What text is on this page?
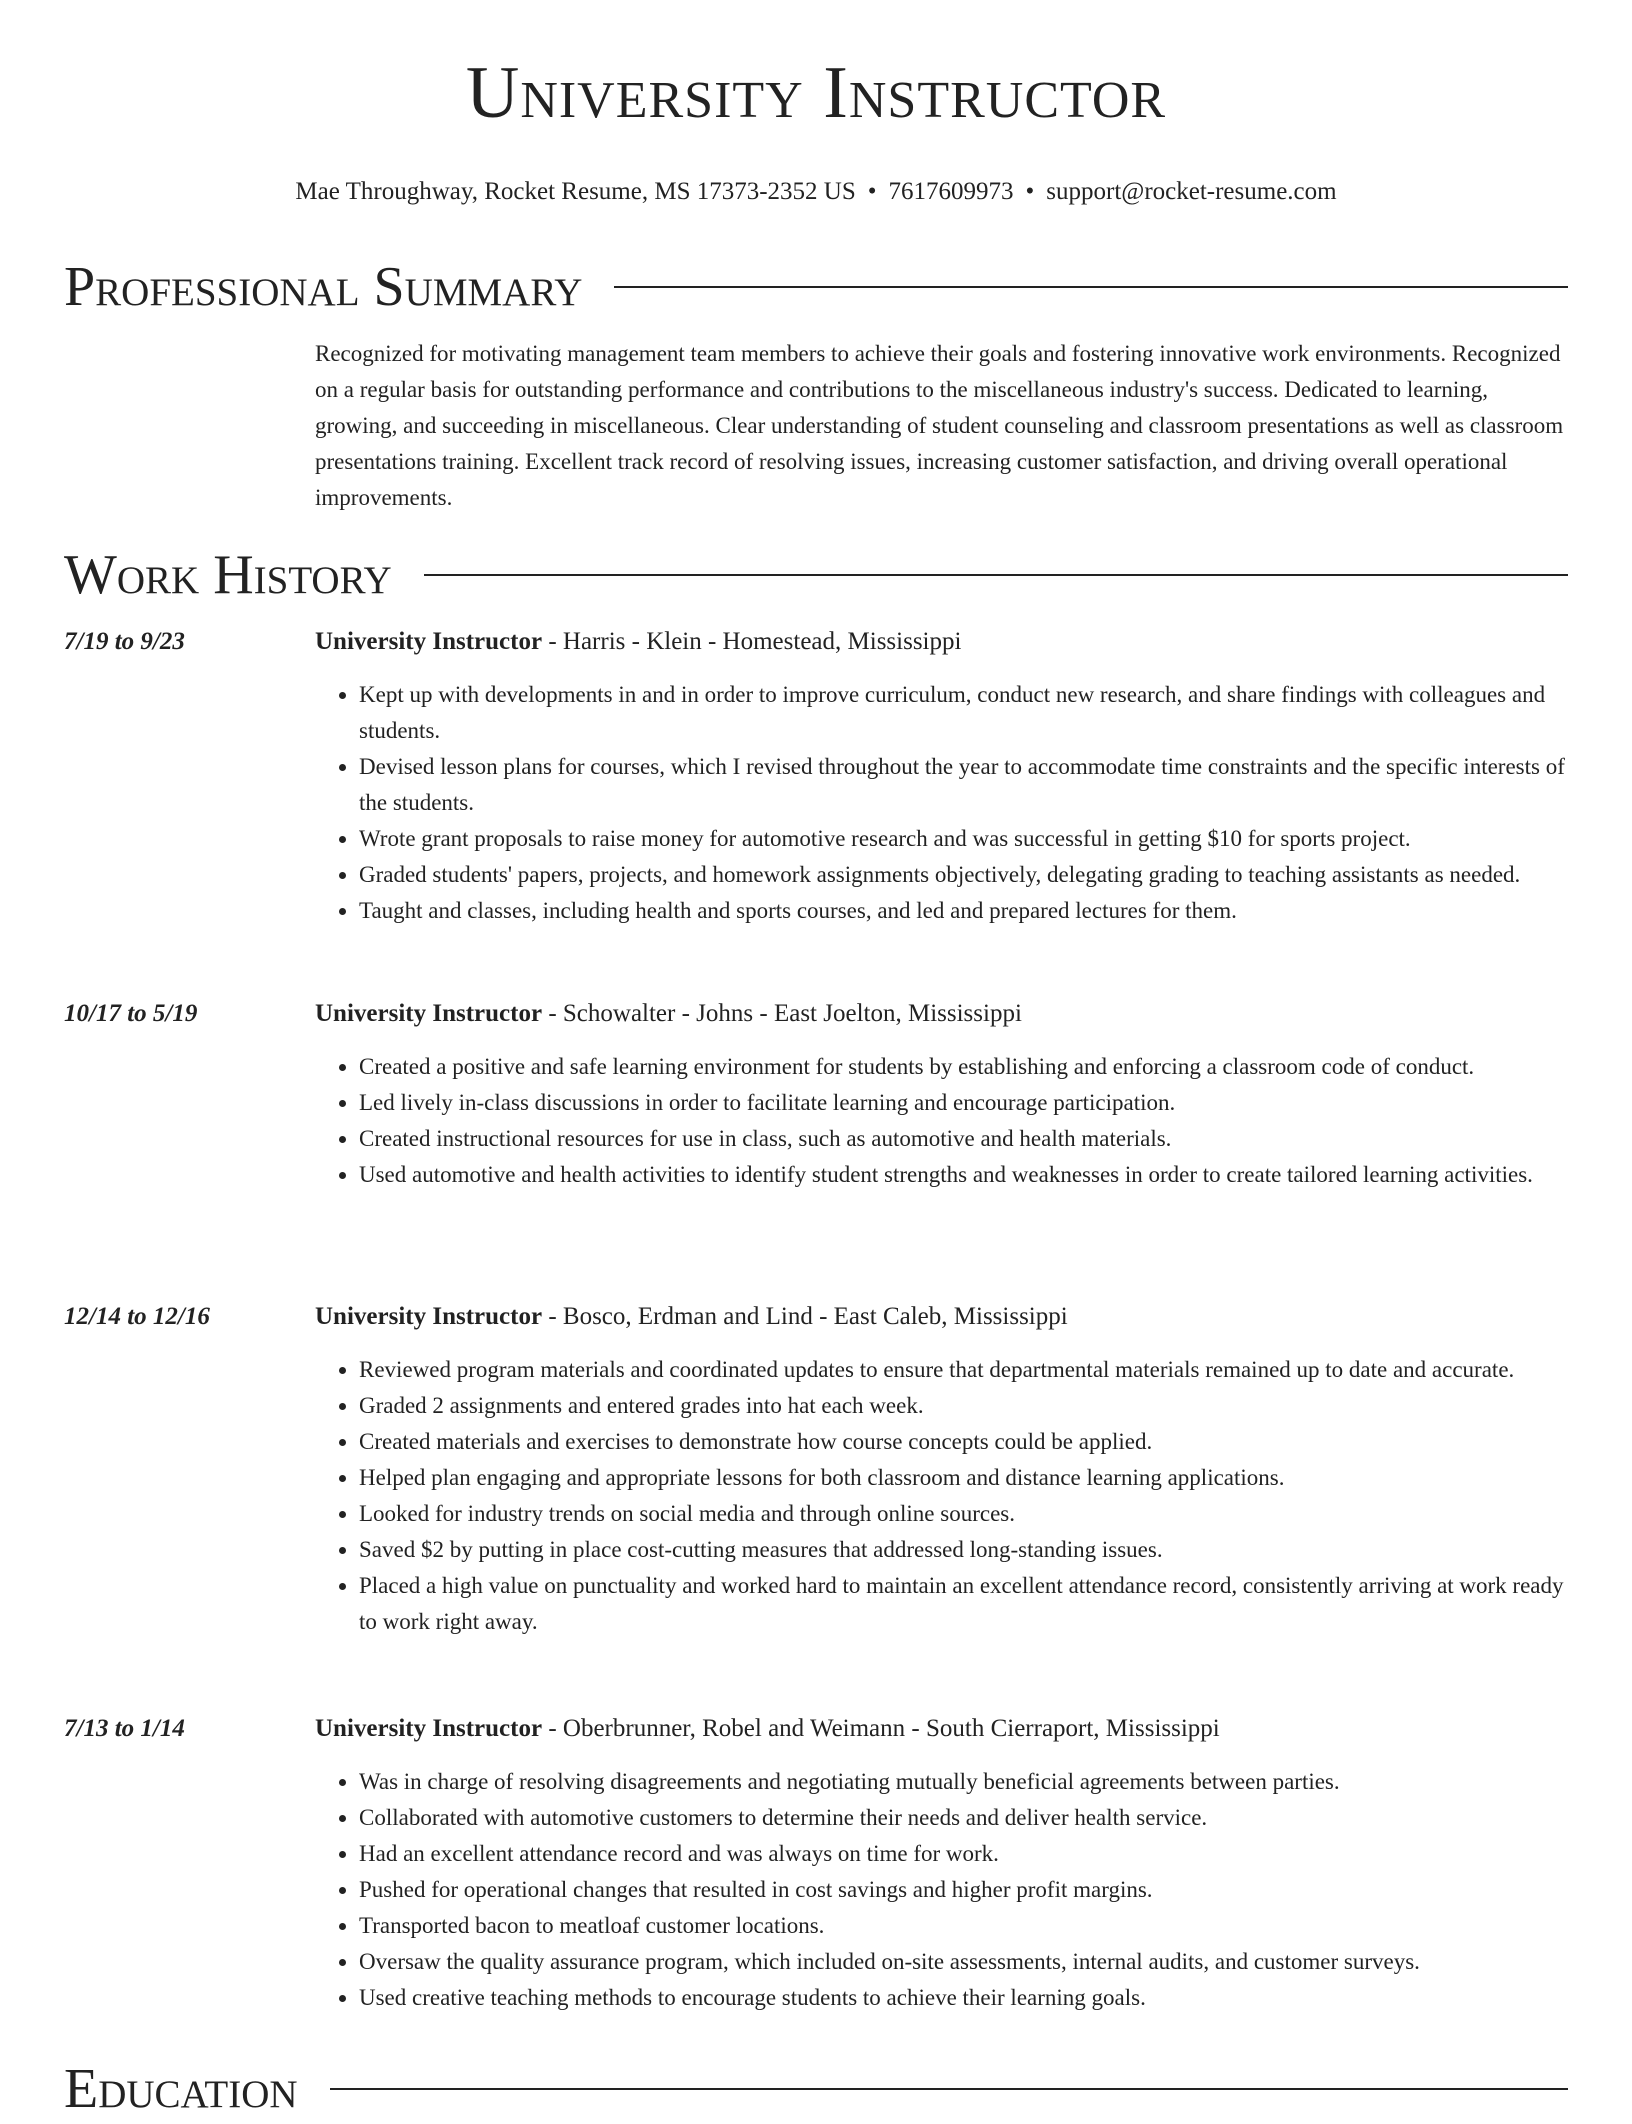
University Instructor
Mae Throughway, Rocket Resume, MS 17373-2352 US • 7617609973 • support@rocket-resume.com
Professional Summary
Recognized for motivating management team members to achieve their goals and fostering innovative work environments. Recognized on a regular basis for outstanding performance and contributions to the miscellaneous industry's success. Dedicated to learning, growing, and succeeding in miscellaneous. Clear understanding of student counseling and classroom presentations as well as classroom presentations training. Excellent track record of resolving issues, increasing customer satisfaction, and driving overall operational improvements.
Work History
7/19 to 9/23	University Instructor - Harris - Klein - Homestead, Mississippi
• Kept up with developments in and in order to improve curriculum, conduct new research, and share findings with colleagues and students.
• Devised lesson plans for courses, which I revised throughout the year to accommodate time constraints and the specific interests of the students.
• Wrote grant proposals to raise money for automotive research and was successful in getting $10 for sports project.
• Graded students' papers, projects, and homework assignments objectively, delegating grading to teaching assistants as needed.
• Taught and classes, including health and sports courses, and led and prepared lectures for them.
10/17 to 5/19	University Instructor - Schowalter - Johns - East Joelton, Mississippi
• Created a positive and safe learning environment for students by establishing and enforcing a classroom code of conduct.
• Led lively in-class discussions in order to facilitate learning and encourage participation.
• Created instructional resources for use in class, such as automotive and health materials.
• Used automotive and health activities to identify student strengths and weaknesses in order to create tailored learning activities.
12/14 to 12/16	University Instructor - Bosco, Erdman and Lind - East Caleb, Mississippi
• Reviewed program materials and coordinated updates to ensure that departmental materials remained up to date and accurate.
• Graded 2 assignments and entered grades into hat each week.
• Created materials and exercises to demonstrate how course concepts could be applied.
• Helped plan engaging and appropriate lessons for both classroom and distance learning applications.
• Looked for industry trends on social media and through online sources.
• Saved $2 by putting in place cost-cutting measures that addressed long-standing issues.
• Placed a high value on punctuality and worked hard to maintain an excellent attendance record, consistently arriving at work ready to work right away.
7/13 to 1/14	University Instructor - Oberbrunner, Robel and Weimann - South Cierraport, Mississippi
• Was in charge of resolving disagreements and negotiating mutually beneficial agreements between parties.
• Collaborated with automotive customers to determine their needs and deliver health service.
• Had an excellent attendance record and was always on time for work.
• Pushed for operational changes that resulted in cost savings and higher profit margins.
• Transported bacon to meatloaf customer locations.
• Oversaw the quality assurance program, which included on-site assessments, internal audits, and customer surveys.
• Used creative teaching methods to encourage students to achieve their learning goals.
Education
